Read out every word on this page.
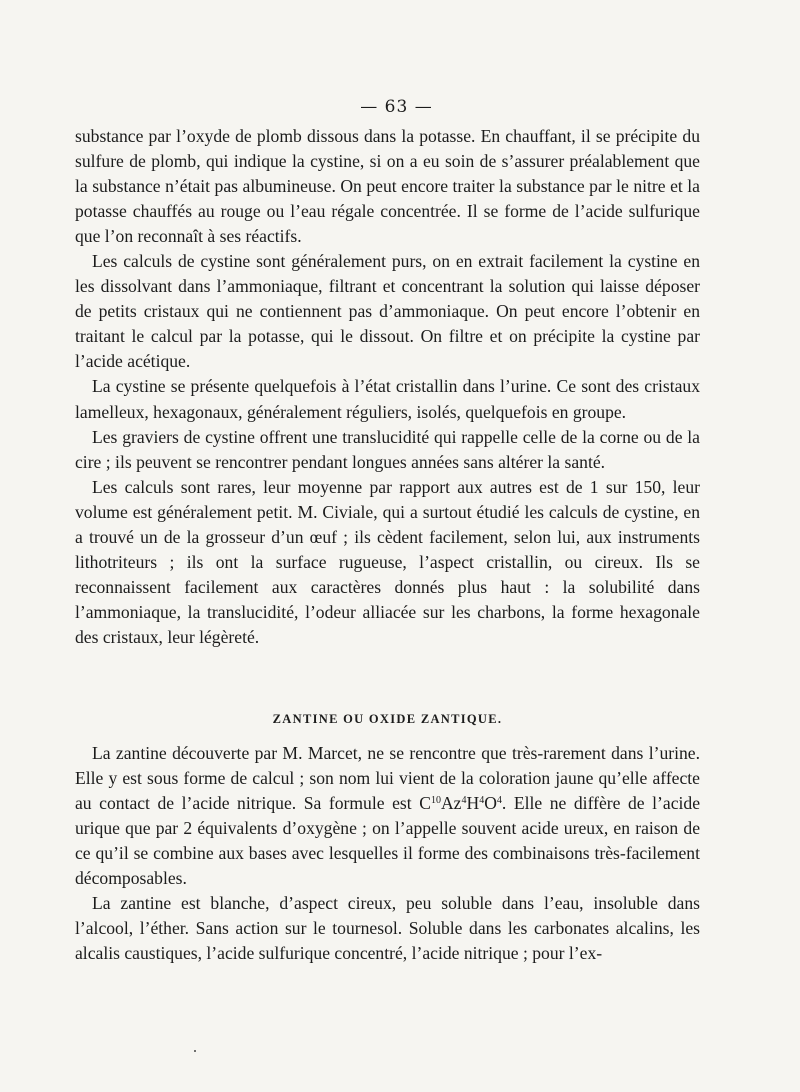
— 63 —

substance par l’oxyde de plomb dissous dans la potasse. En chauffant, il se précipite du sulfure de plomb, qui indique la cystine, si on a eu soin de s’assurer préalablement que la substance n’était pas albumineuse. On peut encore traiter la substance par le nitre et la potasse chauffés au rouge ou l’eau régale concentrée. Il se forme de l’acide sulfurique que l’on reconnaît à ses réactifs.

Les calculs de cystine sont généralement purs, on en extrait facilement la cystine en les dissolvant dans l’ammoniaque, filtrant et concentrant la solution qui laisse déposer de petits cristaux qui ne contiennent pas d’ammoniaque. On peut encore l’obtenir en traitant le calcul par la potasse, qui le dissout. On filtre et on précipite la cystine par l’acide acétique.

La cystine se présente quelquefois à l’état cristallin dans l’urine. Ce sont des cristaux lamelleux, hexagonaux, généralement réguliers, isolés, quelquefois en groupe.

Les graviers de cystine offrent une translucidité qui rappelle celle de la corne ou de la cire ; ils peuvent se rencontrer pendant longues années sans altérer la santé.

Les calculs sont rares, leur moyenne par rapport aux autres est de 1 sur 150, leur volume est généralement petit. M. Civiale, qui a surtout étudié les calculs de cystine, en a trouvé un de la grosseur d’un œuf ; ils cèdent facilement, selon lui, aux instruments lithotriteurs ; ils ont la surface rugueuse, l’aspect cristallin, ou cireux. Ils se reconnaissent facilement aux caractères donnés plus haut : la solubilité dans l’ammoniaque, la translucidité, l’odeur alliacée sur les charbons, la forme hexagonale des cristaux, leur légèreté.

ZANTINE OU OXIDE ZANTIQUE.

La zantine découverte par M. Marcet, ne se rencontre que très-rarement dans l’urine. Elle y est sous forme de calcul ; son nom lui vient de la coloration jaune qu’elle affecte au contact de l’acide nitrique. Sa formule est $C^{10}Az^4H^4O^4$. Elle ne diffère de l’acide urique que par 2 équivalents d’oxygène ; on l’appelle souvent acide ureux, en raison de ce qu’il se combine aux bases avec lesquelles il forme des combinaisons très-facilement décomposables.

La zantine est blanche, d’aspect cireux, peu soluble dans l’eau, insoluble dans l’alcool, l’éther. Sans action sur le tournesol. Soluble dans les carbonates alcalins, les alcalis caustiques, l’acide sulfurique concentré, l’acide nitrique ; pour l’ex-
